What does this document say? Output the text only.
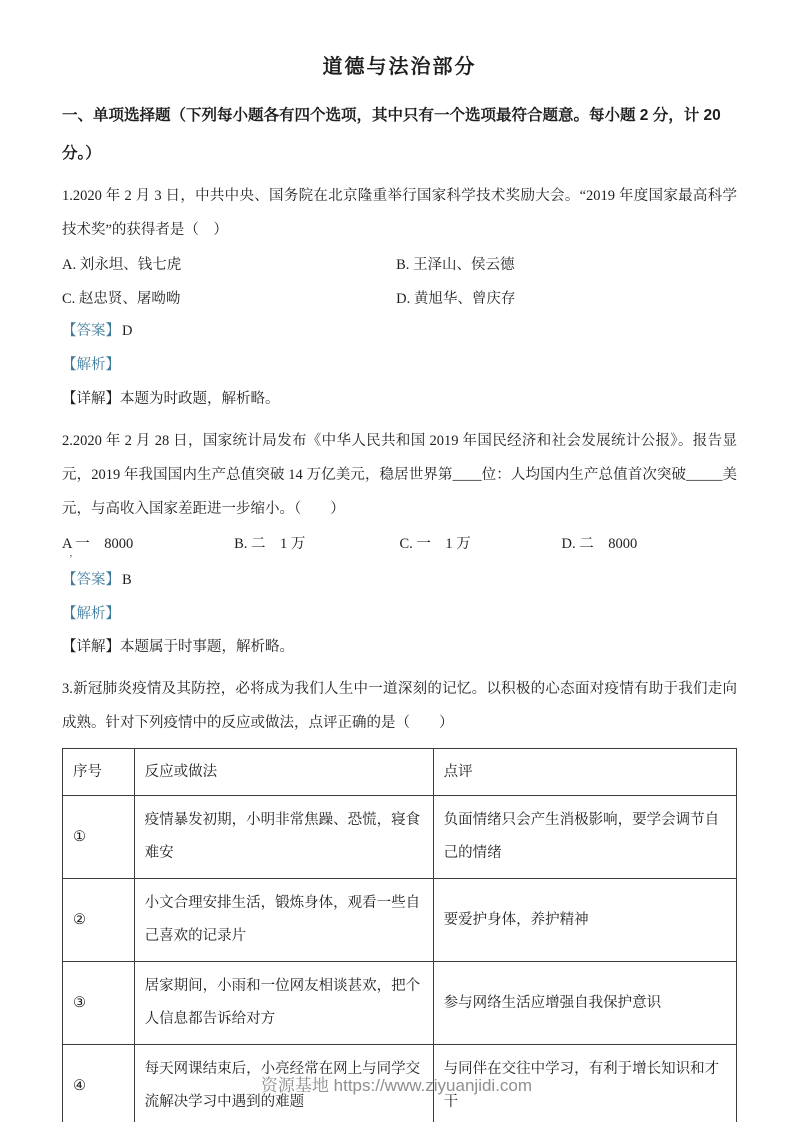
道德与法治部分
一、单项选择题（下列每小题各有四个选项，其中只有一个选项最符合题意。每小题 2 分，计 20 分。）

1.2020 年 2 月 3 日，中共中央、国务院在北京隆重举行国家科学技术奖励大会。“2019 年度国家最高科学技术奖”的获得者是（　）

A. 刘永坦、钱七虎	B. 王泽山、侯云德
C. 赵忠贤、屠呦呦	D. 黄旭华、曾庆存

【答案】 D

【解析】

【详解】本题为时政题，解析略。

2.2020 年 2 月 28 日，国家统计局发布《中华人民共和国 2019 年国民经济和社会发展统计公报》。报告显元，2019 年我国国内生产总值突破 14 万亿美元，稳居世界第____位：人均国内生产总值首次突破_____美元，与高收入国家差距进一步缩小。（　　）

A 一　8000	B. 二　1 万	C. 一　1 万	D. 二　8000
’

【答案】 B

【解析】

【详解】本题属于时事题，解析略。

3.新冠肺炎疫情及其防控，必将成为我们人生中一道深刻的记忆。以积极的心态面对疫情有助于我们走向成熟。针对下列疫情中的反应或做法，点评正确的是（　　）

序号	反应或做法	点评
①	疫情暴发初期，小明非常焦躁、恐慌，寝食难安	负面情绪只会产生消极影响，要学会调节自己的情绪
②	小文合理安排生活，锻炼身体，观看一些自己喜欢的记录片	要爱护身体，养护精神
③	居家期间，小雨和一位网友相谈甚欢，把个人信息都告诉给对方	参与网络生活应增强自我保护意识
④	每天网课结束后，小亮经常在网上与同学交流解决学习中遇到的难题	与同伴在交往中学习，有利于增长知识和才干
资源基地 https://www.ziyuanjidi.com
